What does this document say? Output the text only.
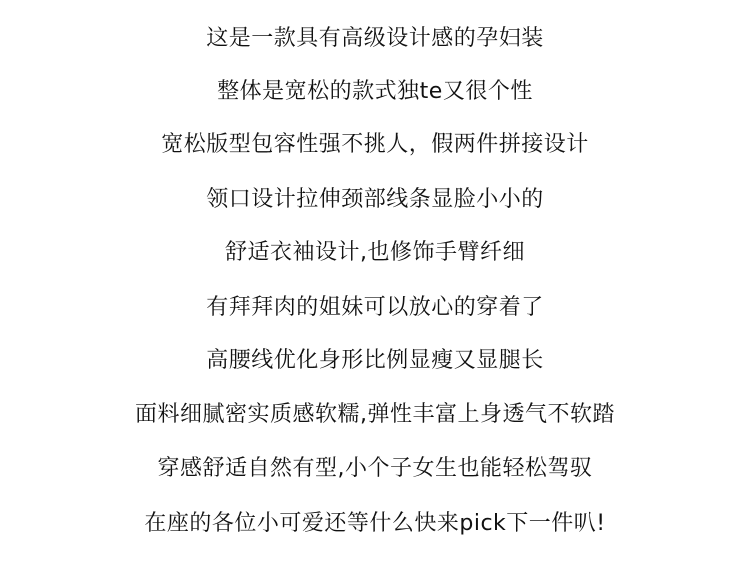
这是一款具有高级设计感的孕妇装
整体是宽松的款式独te又很个性
宽松版型包容性强不挑人，假两件拼接设计
领口设计拉伸颈部线条显脸小小的
舒适衣袖设计,也修饰手臂纤细
有拜拜肉的姐妹可以放心的穿着了
高腰线优化身形比例显瘦又显腿长
面料细腻密实质感软糯,弹性丰富上身透气不软踏
穿感舒适自然有型,小个子女生也能轻松驾驭
在座的各位小可爱还等什么快来pick下一件叭!
